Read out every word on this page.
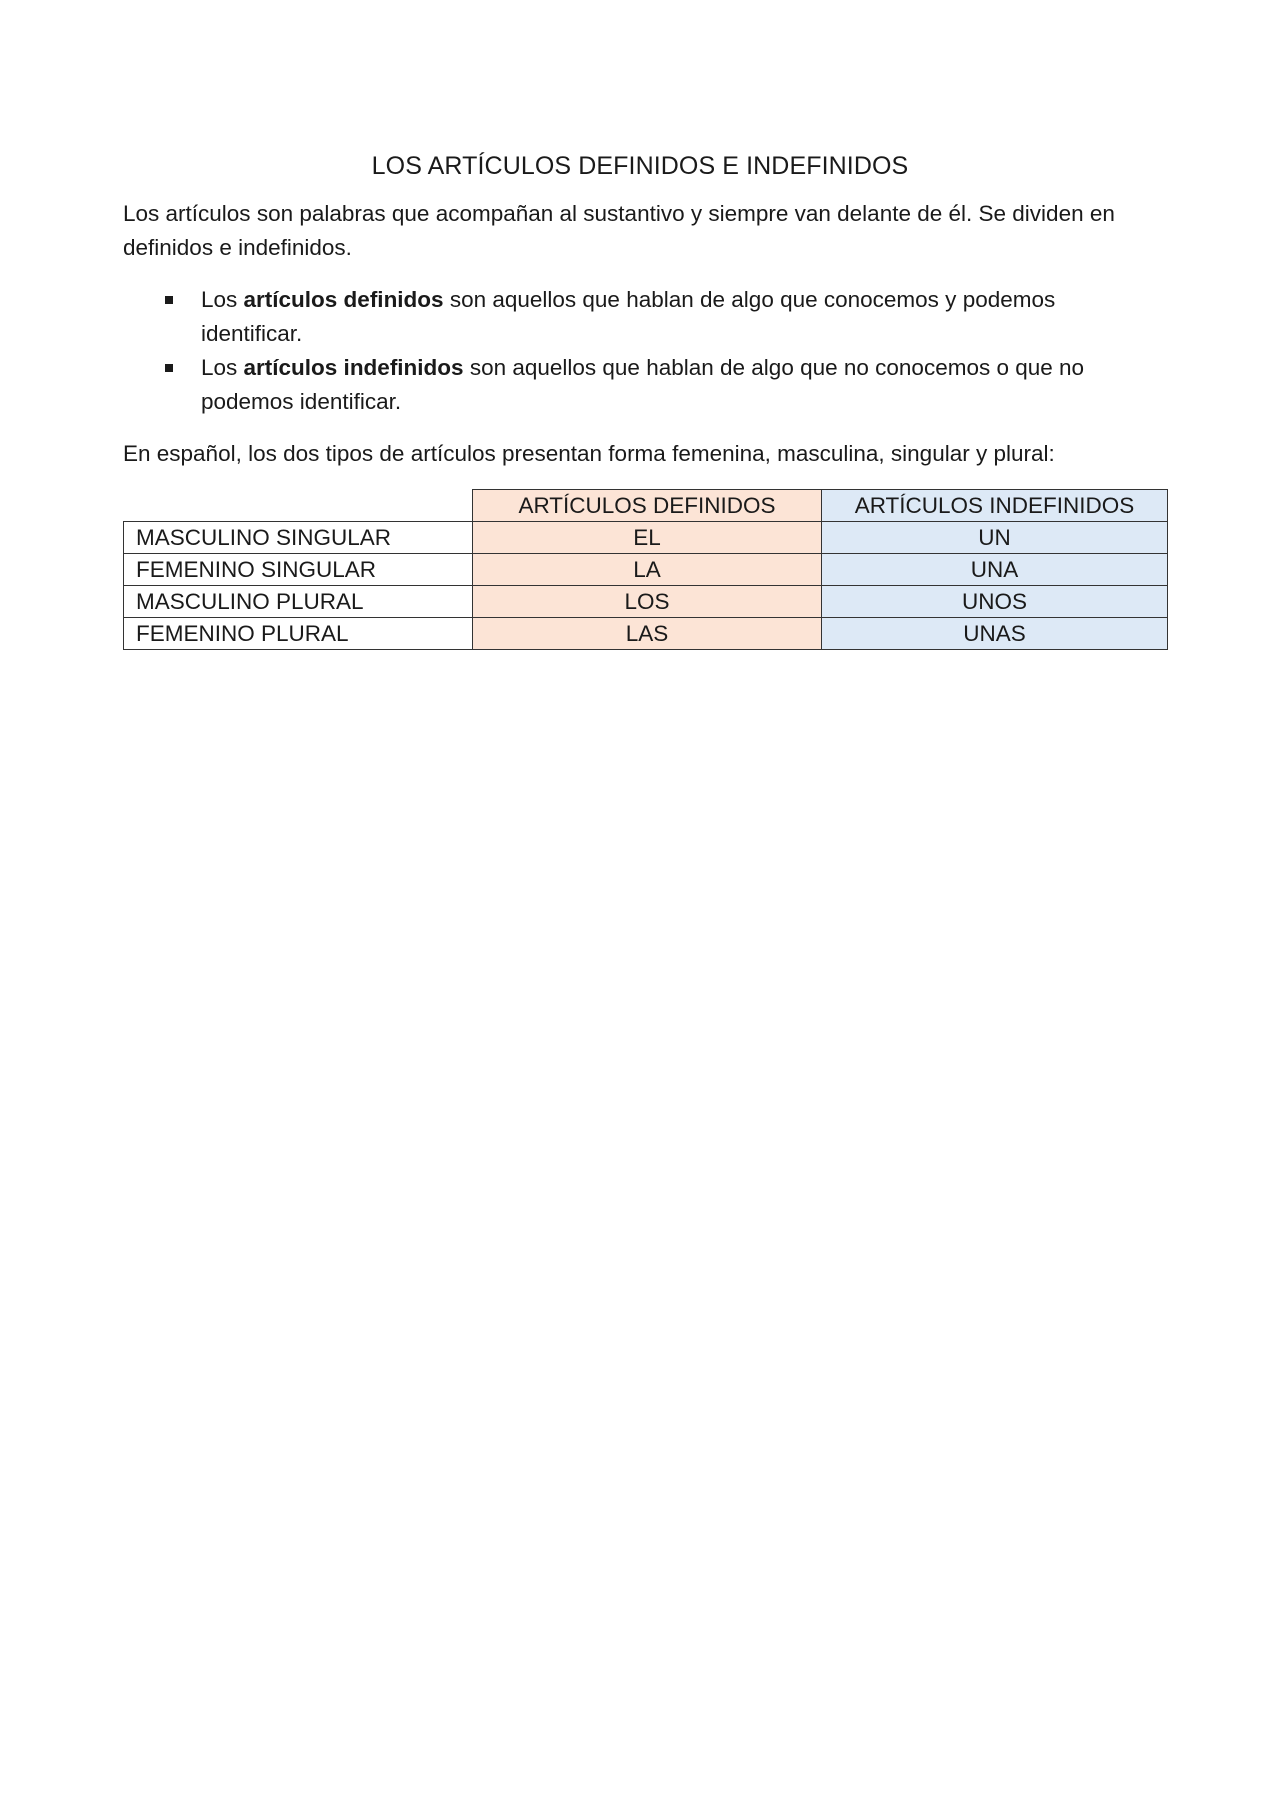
LOS ARTÍCULOS DEFINIDOS E INDEFINIDOS

Los artículos son palabras que acompañan al sustantivo y siempre van delante de él. Se dividen en definidos e indefinidos.

Los artículos definidos son aquellos que hablan de algo que conocemos y podemos identificar.
Los artículos indefinidos son aquellos que hablan de algo que no conocemos o que no podemos identificar.

En español, los dos tipos de artículos presentan forma femenina, masculina, singular y plural:

	ARTÍCULOS DEFINIDOS	ARTÍCULOS INDEFINIDOS
MASCULINO SINGULAR	EL	UN
FEMENINO SINGULAR	LA	UNA
MASCULINO PLURAL	LOS	UNOS
FEMENINO PLURAL	LAS	UNAS
